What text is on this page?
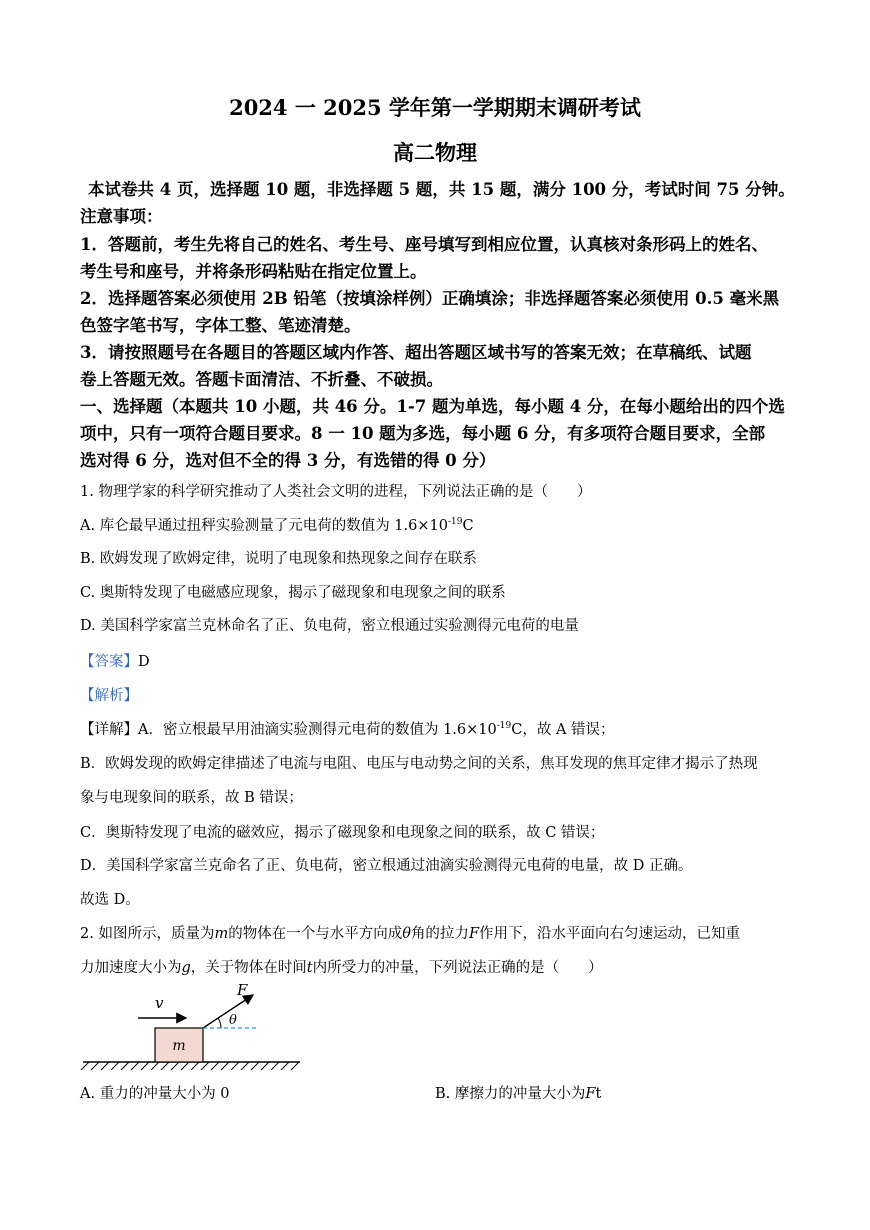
2024 一 2025 学年第一学期期末调研考试
高二物理
本试卷共 4 页，选择题 10 题，非选择题 5 题，共 15 题，满分 100 分，考试时间 75 分钟。
注意事项：
1．答题前，考生先将自己的姓名、考生号、座号填写到相应位置，认真核对条形码上的姓名、
考生号和座号，并将条形码粘贴在指定位置上。
2．选择题答案必须使用 2B 铅笔（按填涂样例）正确填涂；非选择题答案必须使用 0.5 毫米黑
色签字笔书写，字体工整、笔迹清楚。
3．请按照题号在各题目的答题区域内作答、超出答题区域书写的答案无效；在草稿纸、试题
卷上答题无效。答题卡面清洁、不折叠、不破损。
一、选择题（本题共 10 小题，共 46 分。1-7 题为单选，每小题 4 分，在每小题给出的四个选
项中，只有一项符合题目要求。8 一 10 题为多选，每小题 6 分，有多项符合题目要求，全部
选对得 6 分，选对但不全的得 3 分，有选错的得 0 分）
1. 物理学家的科学研究推动了人类社会文明的进程，下列说法正确的是（　　）
A. 库仑最早通过扭秤实验测量了元电荷的数值为 $1.6\times 10^{-19}C$
B. 欧姆发现了欧姆定律，说明了电现象和热现象之间存在联系
C. 奥斯特发现了电磁感应现象，揭示了磁现象和电现象之间的联系
D. 美国科学家富兰克林命名了正、负电荷，密立根通过实验测得元电荷的电量
【答案】D
【解析】
【详解】A．密立根最早用油滴实验测得元电荷的数值为 $1.6\times 10^{-19}C$，故 A 错误；
B．欧姆发现的欧姆定律描述了电流与电阻、电压与电动势之间的关系，焦耳发现的焦耳定律才揭示了热现
象与电现象间的联系，故 B 错误；
C．奥斯特发现了电流的磁效应，揭示了磁现象和电现象之间的联系，故 C 错误；
D．美国科学家富兰克命名了正、负电荷，密立根通过油滴实验测得元电荷的电量，故 D 正确。
故选 D。
2. 如图所示，质量为m的物体在一个与水平方向成θ角的拉力F作用下，沿水平面向右匀速运动，已知重
力加速度大小为g，关于物体在时间t内所受力的冲量，下列说法正确的是（　　）
m
v
F
θ
A. 重力的冲量大小为 0	B. 摩擦力的冲量大小为Ft
